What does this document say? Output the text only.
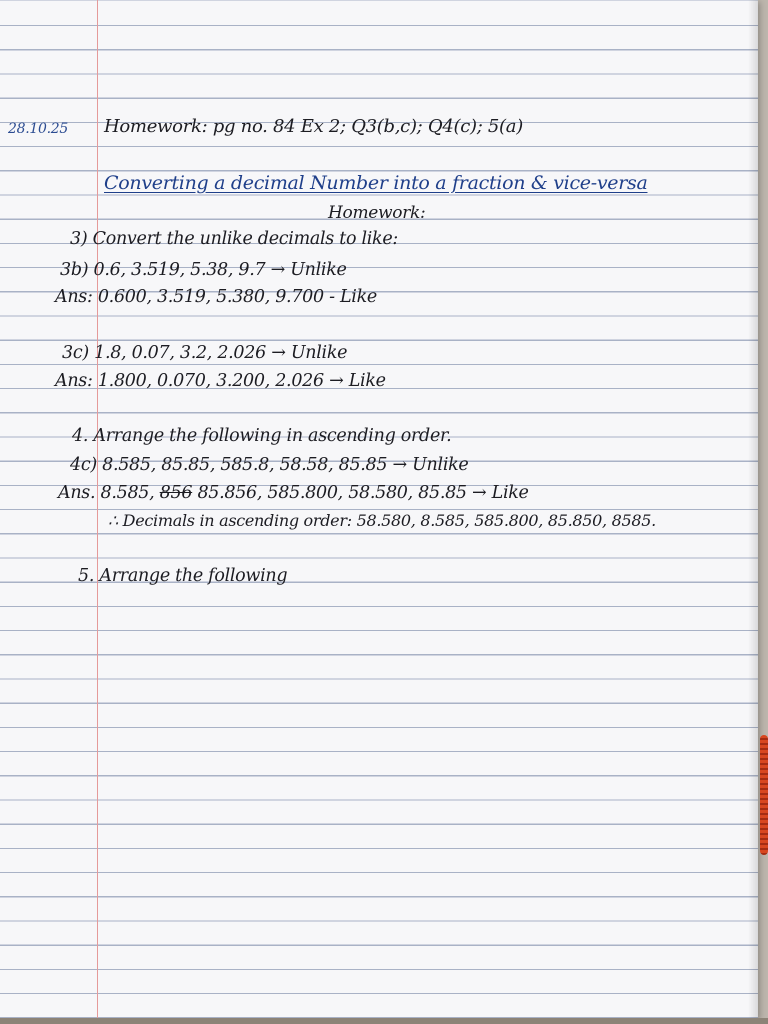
28.10.25 Homework: pg no. 84 Ex 2; Q3(b,c); Q4(c); 5(a)
Converting a decimal Number into a fraction & vice-versa
Homework:
3) Convert the unlike decimals to like:
3b) 0.6, 3.519, 5.38, 9.7 → Unlike
Ans: 0.600, 3.519, 5.380, 9.700 - Like
3c) 1.8, 0.07, 3.2, 2.026 → Unlike
Ans: 1.800, 0.070, 3.200, 2.026 → Like
4. Arrange the following in ascending order.
4c) 8.585, 85.85, 585.8, 58.58, 85.85 → Unlike
Ans. 8.585, 856 85.856, 585.800, 58.580, 85.85 → Like
∴ Decimals in ascending order: 58.580, 8.585, 585.800, 85.850, 8585.
5. Arrange the following
